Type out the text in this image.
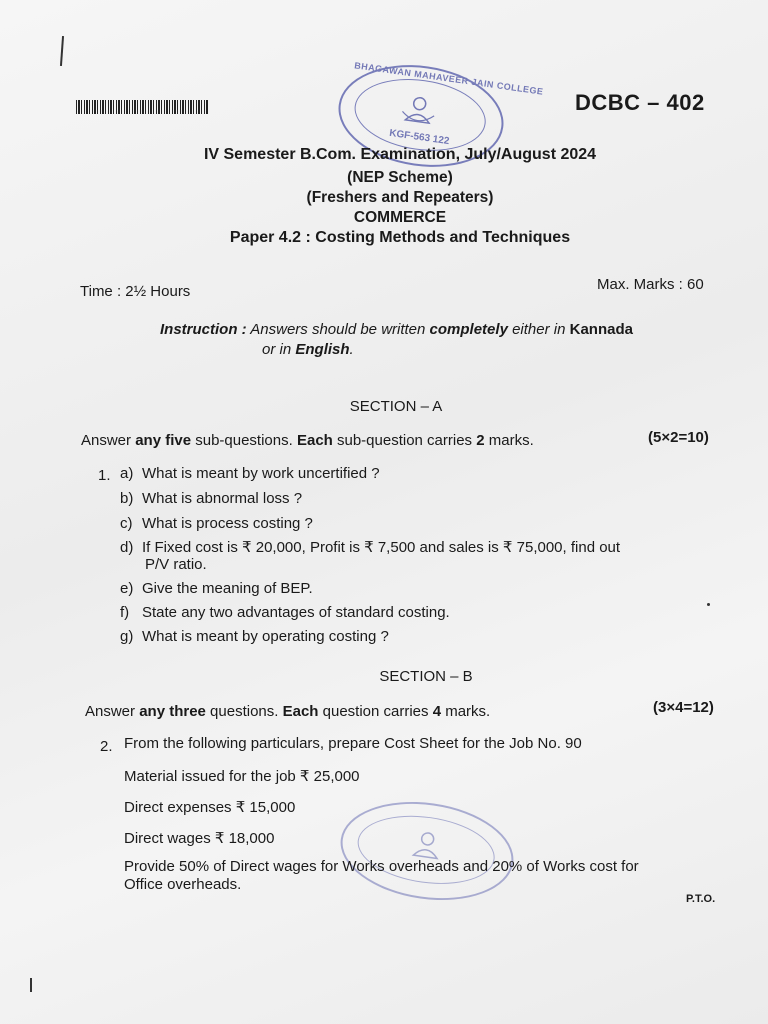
DCBC – 402
BHAGAWAN MAHAVEER JAIN COLLEGE
KGF-563 122
IV Semester B.Com. Examination, July/August 2024
(NEP Scheme)
(Freshers and Repeaters)
COMMERCE
Paper 4.2 : Costing Methods and Techniques
Time : 2½ Hours	Max. Marks : 60
Instruction : Answers should be written completely either in Kannada
or in English.
SECTION – A
Answer any five sub-questions. Each sub-question carries 2 marks.	(5×2=10)
1. a) What is meant by work uncertified ?
b) What is abnormal loss ?
c) What is process costing ?
d) If Fixed cost is ₹ 20,000, Profit is ₹ 7,500 and sales is ₹ 75,000, find out
P/V ratio.
e) Give the meaning of BEP.
f) State any two advantages of standard costing.
g) What is meant by operating costing ?
SECTION – B
Answer any three questions. Each question carries 4 marks.	(3×4=12)
2. From the following particulars, prepare Cost Sheet for the Job No. 90
Material issued for the job ₹ 25,000
Direct expenses ₹ 15,000
Direct wages ₹ 18,000
Provide 50% of Direct wages for Works overheads and 20% of Works cost for
Office overheads.
P.T.O.
